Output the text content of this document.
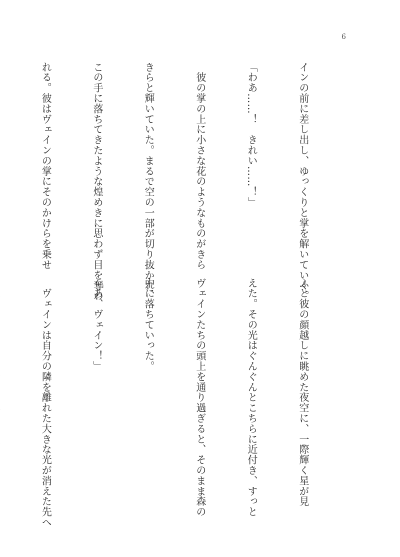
6

インの前に差し出し、ゆっくりと掌を解いていく。

「わあ……！　きれい……！」

　彼の掌の上に小さな花のようなものがきら

きらと輝いていた。まるで空の一部が切り抜かれ、

この手に落ちてきたような煌めきに思わず目を奪わ

れる。彼はヴェインの掌にそのかけらを乗せ

ふと彼の顔越しに眺めた夜空に、一際輝く星が見

えた。その光はぐんぐんとこちらに近付き、すっと

ヴェインたちの頭上を通り過ぎると、そのまま森の

中に落ちていった。

「あ、ヴェイン！」

　ヴェインは自分の隣を離れた大きな光が消えた先へ
